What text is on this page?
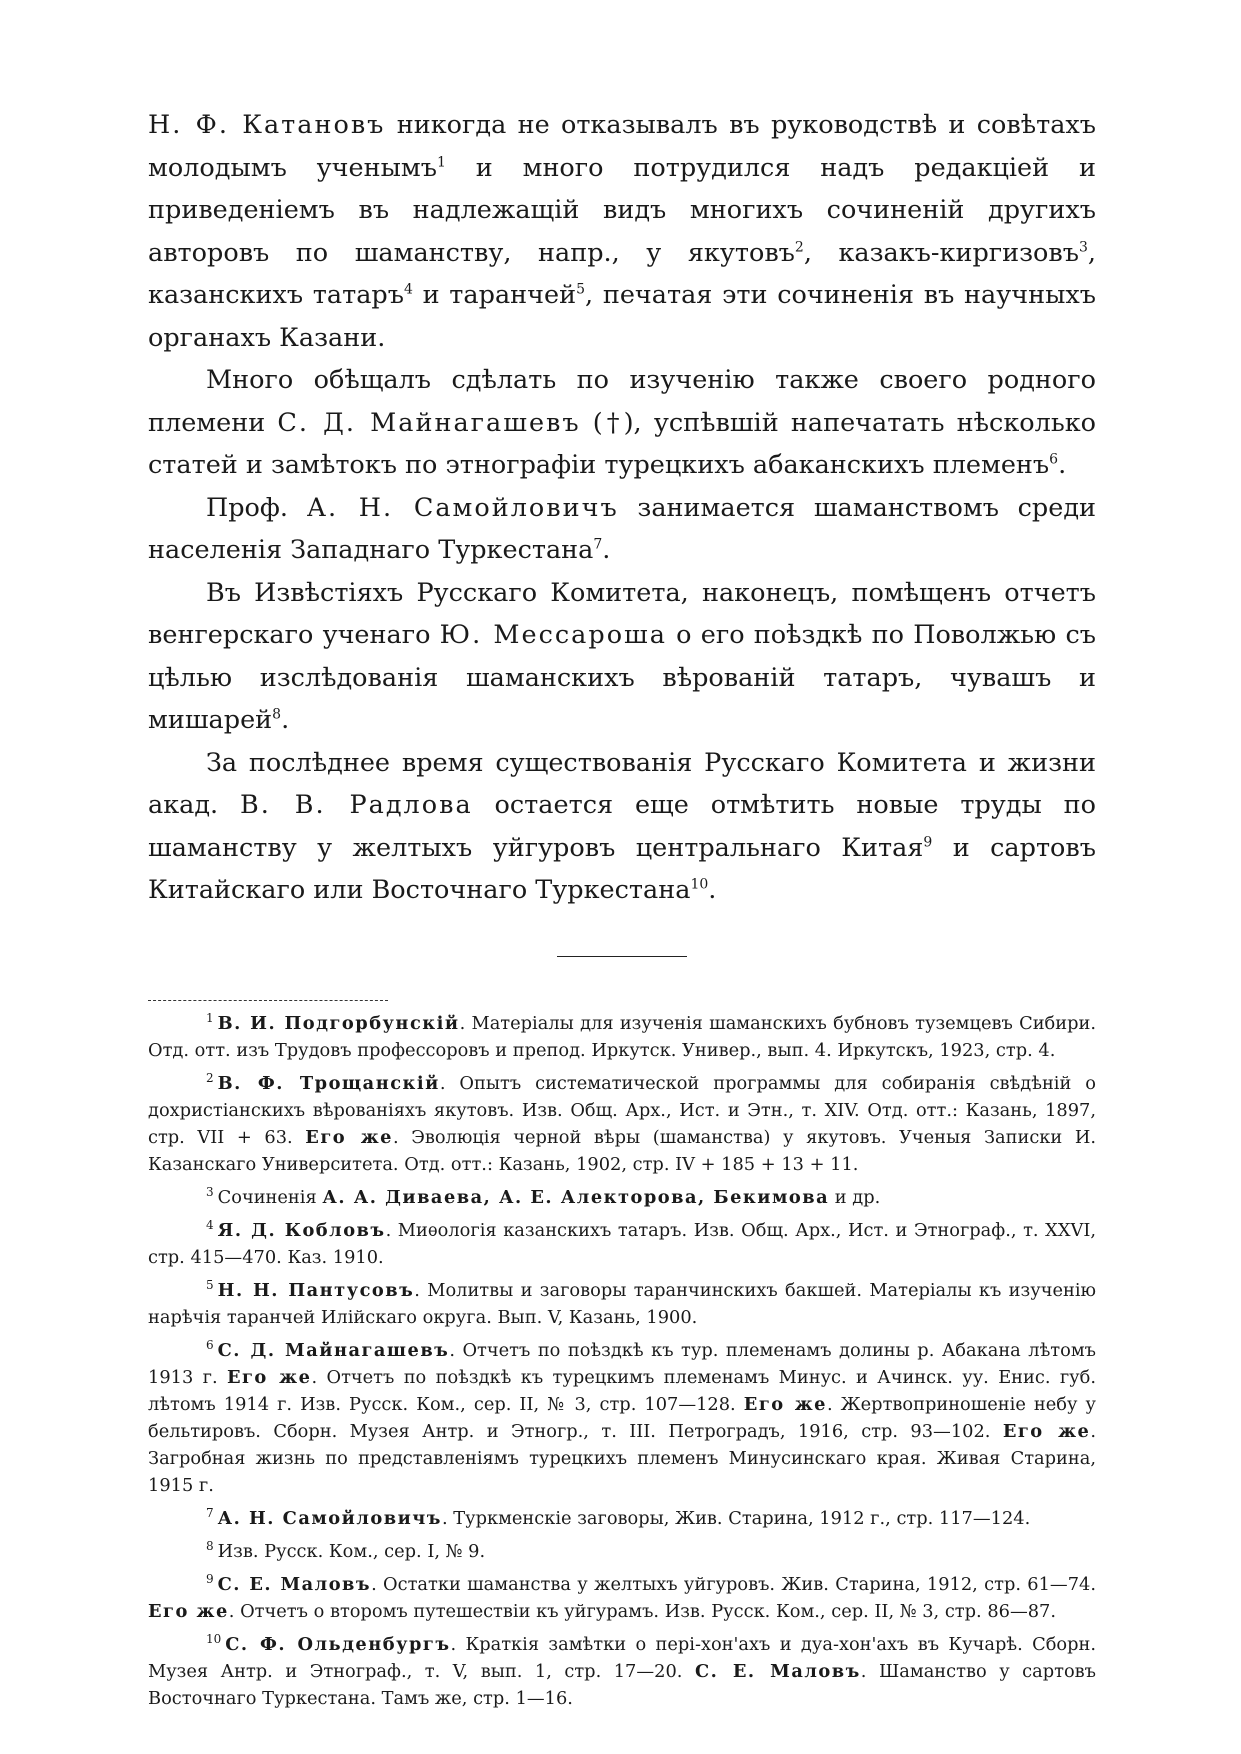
Н. Ф. Катановъ никогда не отказывалъ въ руководствѣ и совѣтахъ молодымъ ученымъ$^1$ и много потрудился надъ редакціей и приведеніемъ въ надлежащій видъ многихъ сочиненій другихъ авторовъ по шаманству, напр., у якутовъ$^2$, казакъ-киргизовъ$^3$, казанскихъ татаръ$^4$ и таранчей$^5$, печатая эти сочиненія въ научныхъ органахъ Казани.

Много обѣщалъ сдѣлать по изученію также своего родного племени С. Д. Майнагашевъ (†), успѣвшій напечатать нѣсколько статей и замѣтокъ по этнографіи турецкихъ абаканскихъ племенъ$^6$.

Проф. А. Н. Самойловичъ занимается шаманствомъ среди населенія Западнаго Туркестана$^7$.

Въ Извѣстіяхъ Русскаго Комитета, наконецъ, помѣщенъ отчетъ венгерскаго ученаго Ю. Мессароша о его поѣздкѣ по Поволжью съ цѣлью изслѣдованія шаманскихъ вѣрованій татаръ, чувашъ и мишарей$^8$.

За послѣднее время существованія Русскаго Комитета и жизни акад. В. В. Радлова остается еще отмѣтить новые труды по шаманству у желтыхъ уйгуровъ центральнаго Китая$^9$ и сартовъ Китайскаго или Восточнаго Туркестана$^{10}$.

$^1$ В. И. Подгорбунскій. Матеріалы для изученія шаманскихъ бубновъ туземцевъ Сибири. Отд. отт. изъ Трудовъ профессоровъ и препод. Иркутск. Универ., вып. 4. Иркутскъ, 1923, стр. 4.

$^2$ В. Ф. Трощанскій. Опытъ систематической программы для собиранія свѣдѣній о дохристіанскихъ вѣрованіяхъ якутовъ. Изв. Общ. Арх., Ист. и Этн., т. XIV. Отд. отт.: Казань, 1897, стр. VII + 63. Его же. Эволюція черной вѣры (шаманства) у якутовъ. Ученыя Записки И. Казанскаго Университета. Отд. отт.: Казань, 1902, стр. IV + 185 + 13 + 11.

$^3$ Сочиненія А. А. Диваева, А. Е. Алекторова, Бекимова и др.

$^4$ Я. Д. Кобловъ. Миѳологія казанскихъ татаръ. Изв. Общ. Арх., Ист. и Этнограф., т. XXVI, стр. 415—470. Каз. 1910.

$^5$ Н. Н. Пантусовъ. Молитвы и заговоры таранчинскихъ бакшей. Матеріалы къ изученію нарѣчія таранчей Илійскаго округа. Вып. V, Казань, 1900.

$^6$ С. Д. Майнагашевъ. Отчетъ по поѣздкѣ къ тур. племенамъ долины р. Абакана лѣтомъ 1913 г. Его же. Отчетъ по поѣздкѣ къ турецкимъ племенамъ Минус. и Ачинск. уу. Енис. губ. лѣтомъ 1914 г. Изв. Русск. Ком., сер. II, № 3, стр. 107—128. Его же. Жертвоприношеніе небу у бельтировъ. Сборн. Музея Антр. и Этногр., т. III. Петроградъ, 1916, стр. 93—102. Его же. Загробная жизнь по представленіямъ турецкихъ племенъ Минусинскаго края. Живая Старина, 1915 г.

$^7$ А. Н. Самойловичъ. Туркменскіе заговоры, Жив. Старина, 1912 г., стр. 117—124.

$^8$ Изв. Русск. Ком., сер. I, № 9.

$^9$ С. Е. Маловъ. Остатки шаманства у желтыхъ уйгуровъ. Жив. Старина, 1912, стр. 61—74. Его же. Отчетъ о второмъ путешествіи къ уйгурамъ. Изв. Русск. Ком., сер. II, № 3, стр. 86—87.

$^{10}$ С. Ф. Ольденбургъ. Краткія замѣтки о пері-хон'ахъ и дуа-хон'ахъ въ Кучарѣ. Сборн. Музея Антр. и Этнограф., т. V, вып. 1, стр. 17—20. С. Е. Маловъ. Шаманство у сартовъ Восточнаго Туркестана. Тамъ же, стр. 1—16.
